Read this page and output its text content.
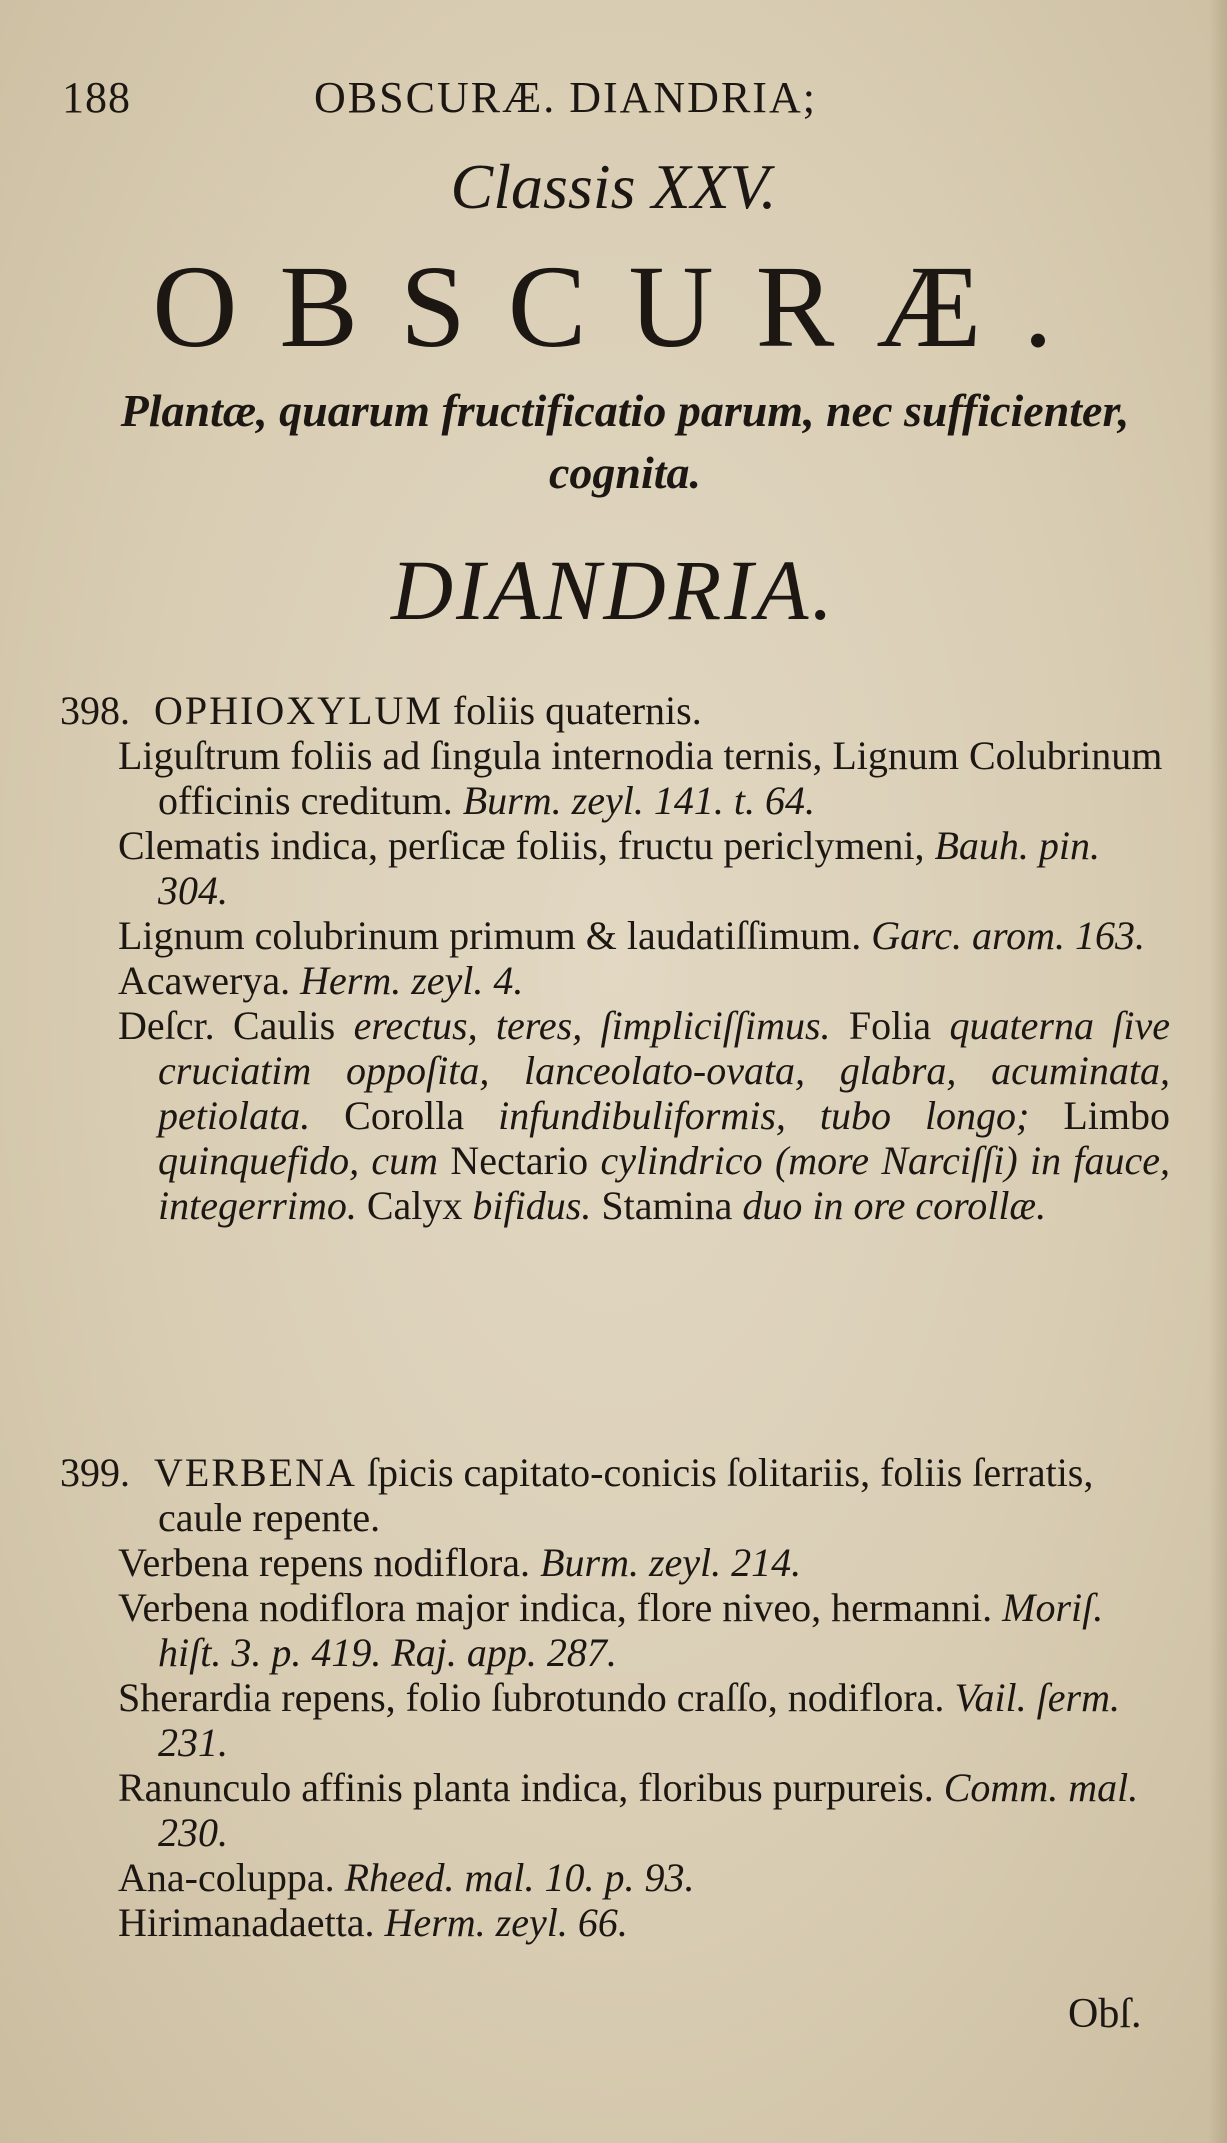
188	OBSCURÆ. DIANDRIA;
Classis XXV.
OBSCURÆ.
Plantæ, quarum fructificatio parum, nec sufficienter, cognita.
DIANDRIA.

398. OPHIOXYLUM foliis quaternis.

Liguſtrum foliis ad ſingula internodia ternis, Lignum Colubrinum officinis creditum. Burm. zeyl. 141. t. 64.

Clematis indica, perſicæ foliis, fructu periclymeni, Bauh. pin. 304.

Lignum colubrinum primum & laudatiſſimum. Garc. arom. 163.

Acawerya. Herm. zeyl. 4.

Deſcr. Caulis erectus, teres, ſimpliciſſimus. Folia quaterna ſive cruciatim oppoſita, lanceolato-ovata, glabra, acuminata, petiolata. Corolla infundibuliformis, tubo longo; Limbo quinquefido, cum Nectario cylindrico (more Narciſſi) in fauce, integerrimo. Calyx bifidus. Stamina duo in ore corollæ.

399. VERBENA ſpicis capitato-conicis ſolitariis, foliis ſerratis, caule repente.

Verbena repens nodiflora. Burm. zeyl. 214.

Verbena nodiflora major indica, flore niveo, hermanni. Moriſ. hiſt. 3. p. 419. Raj. app. 287.

Sherardia repens, folio ſubrotundo craſſo, nodiflora. Vail. ſerm. 231.

Ranunculo affinis planta indica, floribus purpureis. Comm. mal. 230.

Ana-coluppa. Rheed. mal. 10. p. 93.

Hirimanadaetta. Herm. zeyl. 66.

Obſ.
